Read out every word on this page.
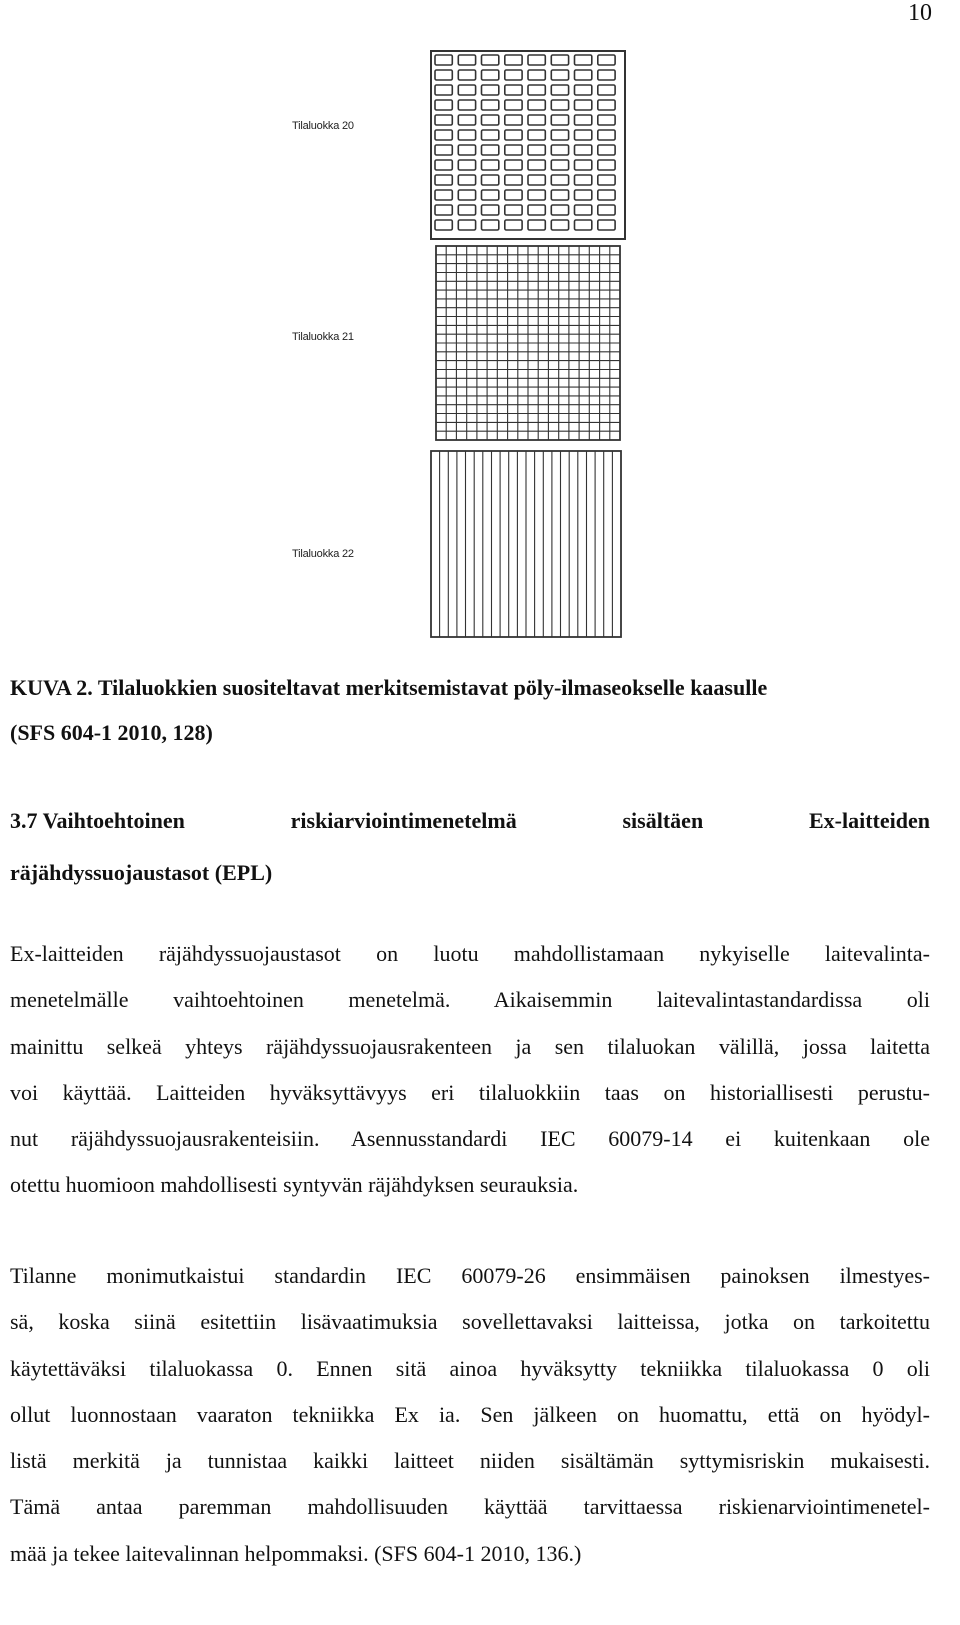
10
Tilaluokka 20
Tilaluokka 21
Tilaluokka 22
KUVA 2. Tilaluokkien suositeltavat merkitsemistavat pöly-ilmaseokselle kaasulle
(SFS 604-1 2010, 128)
3.7 Vaihtoehtoinen	riskiarviointimenetelmä	sisältäen	Ex-laitteiden
räjähdyssuojaustasot (EPL)
Ex-laitteiden räjähdyssuojaustasot on luotu mahdollistamaan nykyiselle laitevalinta-
menetelmälle vaihtoehtoinen menetelmä. Aikaisemmin laitevalintastandardissa oli
mainittu selkeä yhteys räjähdyssuojausrakenteen ja sen tilaluokan välillä, jossa laitetta
voi käyttää. Laitteiden hyväksyttävyys eri tilaluokkiin taas on historiallisesti perustu-
nut räjähdyssuojausrakenteisiin. Asennusstandardi IEC 60079-14 ei kuitenkaan ole
otettu huomioon mahdollisesti syntyvän räjähdyksen seurauksia.
Tilanne monimutkaistui standardin IEC 60079-26 ensimmäisen painoksen ilmestyes-
sä, koska siinä esitettiin lisävaatimuksia sovellettavaksi laitteissa, jotka on tarkoitettu
käytettäväksi tilaluokassa 0. Ennen sitä ainoa hyväksytty tekniikka tilaluokassa 0 oli
ollut luonnostaan vaaraton tekniikka Ex ia. Sen jälkeen on huomattu, että on hyödyl-
listä merkitä ja tunnistaa kaikki laitteet niiden sisältämän syttymisriskin mukaisesti.
Tämä antaa paremman mahdollisuuden käyttää tarvittaessa riskienarviointimenetel-
mää ja tekee laitevalinnan helpommaksi. (SFS 604-1 2010, 136.)
